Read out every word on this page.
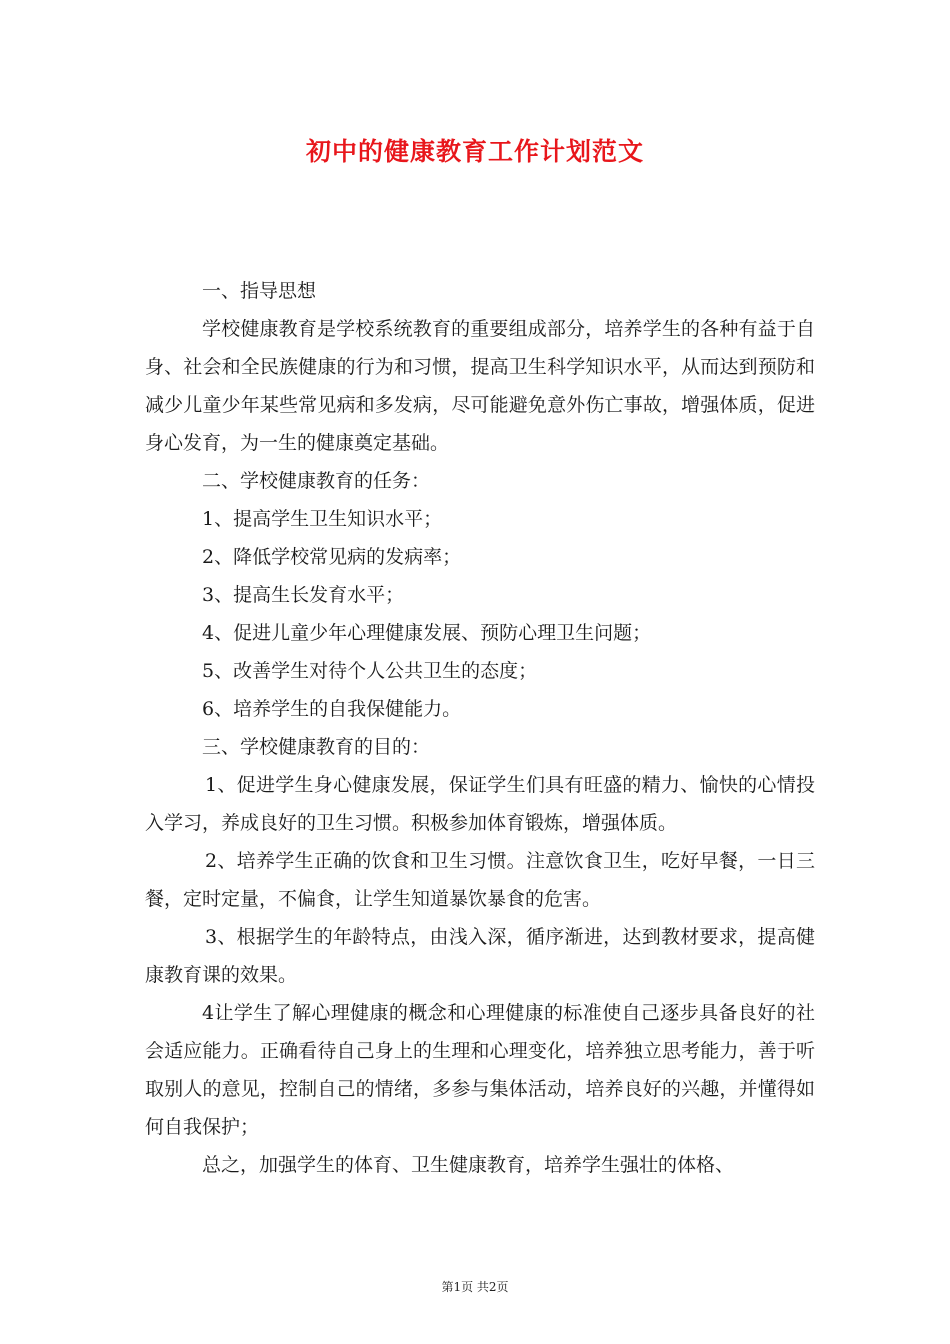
初中的健康教育工作计划范文

一、指导思想

学校健康教育是学校系统教育的重要组成部分，培养学生的各种有益于自身、社会和全民族健康的行为和习惯，提高卫生科学知识水平，从而达到预防和减少儿童少年某些常见病和多发病，尽可能避免意外伤亡事故，增强体质，促进身心发育，为一生的健康奠定基础。

二、学校健康教育的任务：

1、提高学生卫生知识水平；

2、降低学校常见病的发病率；

3、提高生长发育水平；

4、促进儿童少年心理健康发展、预防心理卫生问题；

5、改善学生对待个人公共卫生的态度；

6、培养学生的自我保健能力。

三、学校健康教育的目的：

1、促进学生身心健康发展，保证学生们具有旺盛的精力、愉快的心情投入学习，养成良好的卫生习惯。积极参加体育锻炼，增强体质。

2、培养学生正确的饮食和卫生习惯。注意饮食卫生，吃好早餐，一日三餐，定时定量，不偏食，让学生知道暴饮暴食的危害。

3、根据学生的年龄特点，由浅入深，循序渐进，达到教材要求，提高健康教育课的效果。

4让学生了解心理健康的概念和心理健康的标准使自己逐步具备良好的社会适应能力。正确看待自己身上的生理和心理变化，培养独立思考能力，善于听取别人的意见，控制自己的情绪，多参与集体活动，培养良好的兴趣，并懂得如何自我保护；

总之，加强学生的体育、卫生健康教育，培养学生强壮的体格、

第1页 共2页
